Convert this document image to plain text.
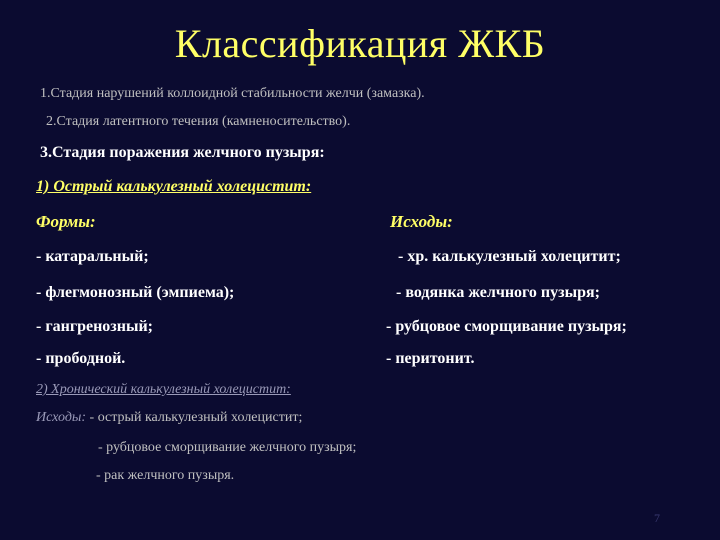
Классификация ЖКБ
1.Стадия нарушений коллоидной стабильности желчи (замазка).
2.Стадия латентного течения (камненосительство).
3.Стадия поражения желчного пузыря:
1) Острый калькулезный холецистит:
Формы:	Исходы:
- катаральный;
- флегмонозный (эмпиема);
- гангренозный;
- прободной.
- хр. калькулезный холецитит;
- водянка желчного пузыря;
- рубцовое сморщивание пузыря;
- перитонит.
2) Хронический калькулезный холецистит:
Исходы: - острый калькулезный холецистит;
- рубцовое сморщивание желчного пузыря;
- рак желчного пузыря.
7
